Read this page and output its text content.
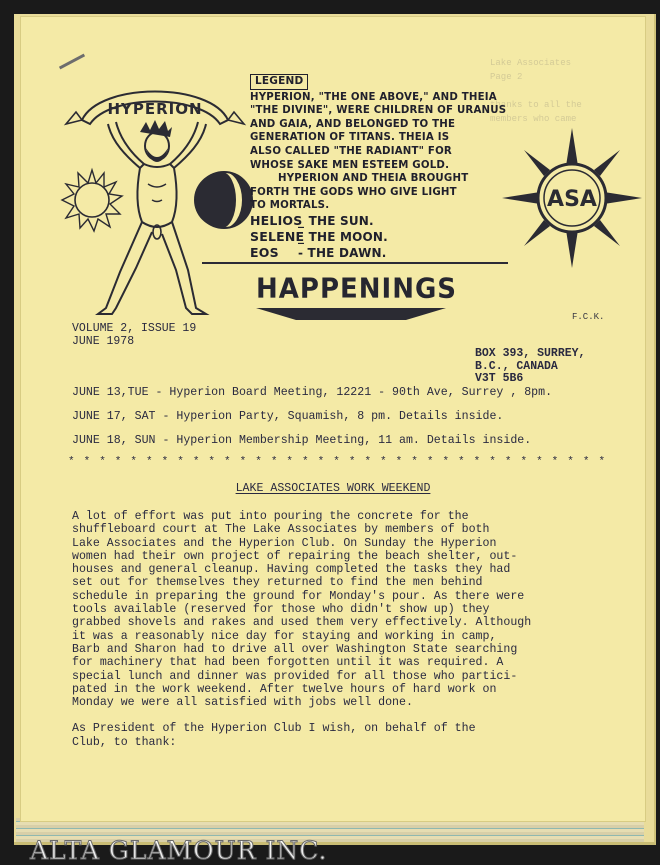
Lake Associates
Page 2

thanks to all the
members who came
HYPERION
LEGEND

HYPERION, "THE ONE ABOVE," AND THEIA

"THE DIVINE", WERE CHILDREN OF URANUS

AND GAIA, AND BELONGED TO THE

GENERATION OF TITANS. THEIA IS

ALSO CALLED "THE RADIANT" FOR

WHOSE SAKE MEN ESTEEM GOLD.

HYPERION AND THEIA BROUGHT

FORTH THE GODS WHO GIVE LIGHT

TO MORTALS.

HELIOS_ THE SUN.

SELENE_ THE MOON.

EOS - THE DAWN.

ASA
HAPPENINGS
F.C.K.
VOLUME 2, ISSUE 19
JUNE 1978
BOX 393, SURREY,
B.C., CANADA
V3T 5B6
JUNE 13,TUE - Hyperion Board Meeting, 12221 - 90th Ave, Surrey , 8pm.
JUNE 17, SAT - Hyperion Party, Squamish, 8 pm. Details inside.
JUNE 18, SUN - Hyperion Membership Meeting, 11 am. Details inside.
* * * * * * * * * * * * * * * * * * * * * * * * * * * * * * * * * * *
LAKE ASSOCIATES WORK WEEKEND

A lot of effort was put into pouring the concrete for the
shuffleboard court at The Lake Associates by members of both
Lake Associates and the Hyperion Club. On Sunday the Hyperion
women had their own project of repairing the beach shelter, out-
houses and general cleanup. Having completed the tasks they had
set out for themselves they returned to find the men behind
schedule in preparing the ground for Monday's pour. As there were
tools available (reserved for those who didn't show up) they
grabbed shovels and rakes and used them very effectively. Although
it was a reasonably nice day for staying and working in camp,
Barb and Sharon had to drive all over Washington State searching
for machinery that had been forgotten until it was required. A
special lunch and dinner was provided for all those who partici-
pated in the work weekend. After twelve hours of hard work on
Monday we were all satisfied with jobs well done.

As President of the Hyperion Club I wish, on behalf of the
Club, to thank:

ALTA GLAMOUR INC.
